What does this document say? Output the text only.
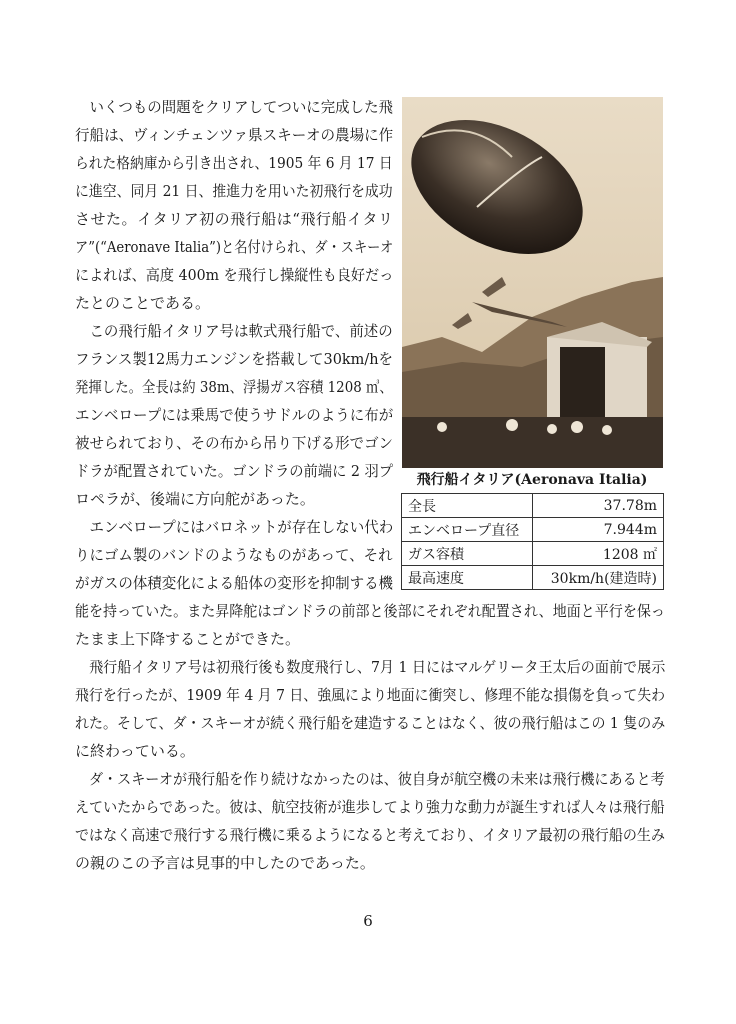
　いくつもの問題をクリアしてついに完成した飛
行船は、ヴィンチェンツァ県スキーオの農場に作
られた格納庫から引き出され、1905 年 6 月 17 日
に進空、同月 21 日、推進力を用いた初飛行を成功
させた。イタリア初の飛行船は“飛行船イタリ
ア”(“Aeronave Italia”)と名付けられ、ダ・スキーオ
によれば、高度 400m を飛行し操縦性も良好だっ
たとのことである。
　この飛行船イタリア号は軟式飛行船で、前述の
フランス製12馬力エンジンを搭載して30km/hを
発揮した。全長は約 38m、浮揚ガス容積 1208 ㎥、
エンベロープには乗馬で使うサドルのように布が
被せられており、その布から吊り下げる形でゴン
ドラが配置されていた。ゴンドラの前端に 2 羽プ
ロペラが、後端に方向舵があった。
　エンベロープにはバロネットが存在しない代わ
りにゴム製のバンドのようなものがあって、それ
がガスの体積変化による船体の変形を抑制する機
能を持っていた。また昇降舵はゴンドラの前部と後部にそれぞれ配置され、地面と平行を保っ
たまま上下降することができた。
　飛行船イタリア号は初飛行後も数度飛行し、7月 1 日にはマルゲリータ王太后の面前で展示
飛行を行ったが、1909 年 4 月 7 日、強風により地面に衝突し、修理不能な損傷を負って失わ
れた。そして、ダ・スキーオが続く飛行船を建造することはなく、彼の飛行船はこの 1 隻のみ
に終わっている。
　ダ・スキーオが飛行船を作り続けなかったのは、彼自身が航空機の未来は飛行機にあると考
えていたからであった。彼は、航空技術が進歩してより強力な動力が誕生すれば人々は飛行船
ではなく高速で飛行する飛行機に乗るようになると考えており、イタリア最初の飛行船の生み
の親のこの予言は見事的中したのであった。
飛行船イタリア(Aeronava Italia)
全長	37.78m
エンベロープ直径	7.944m
ガス容積	1208 ㎡
最高速度	30km/h(建造時)
6
